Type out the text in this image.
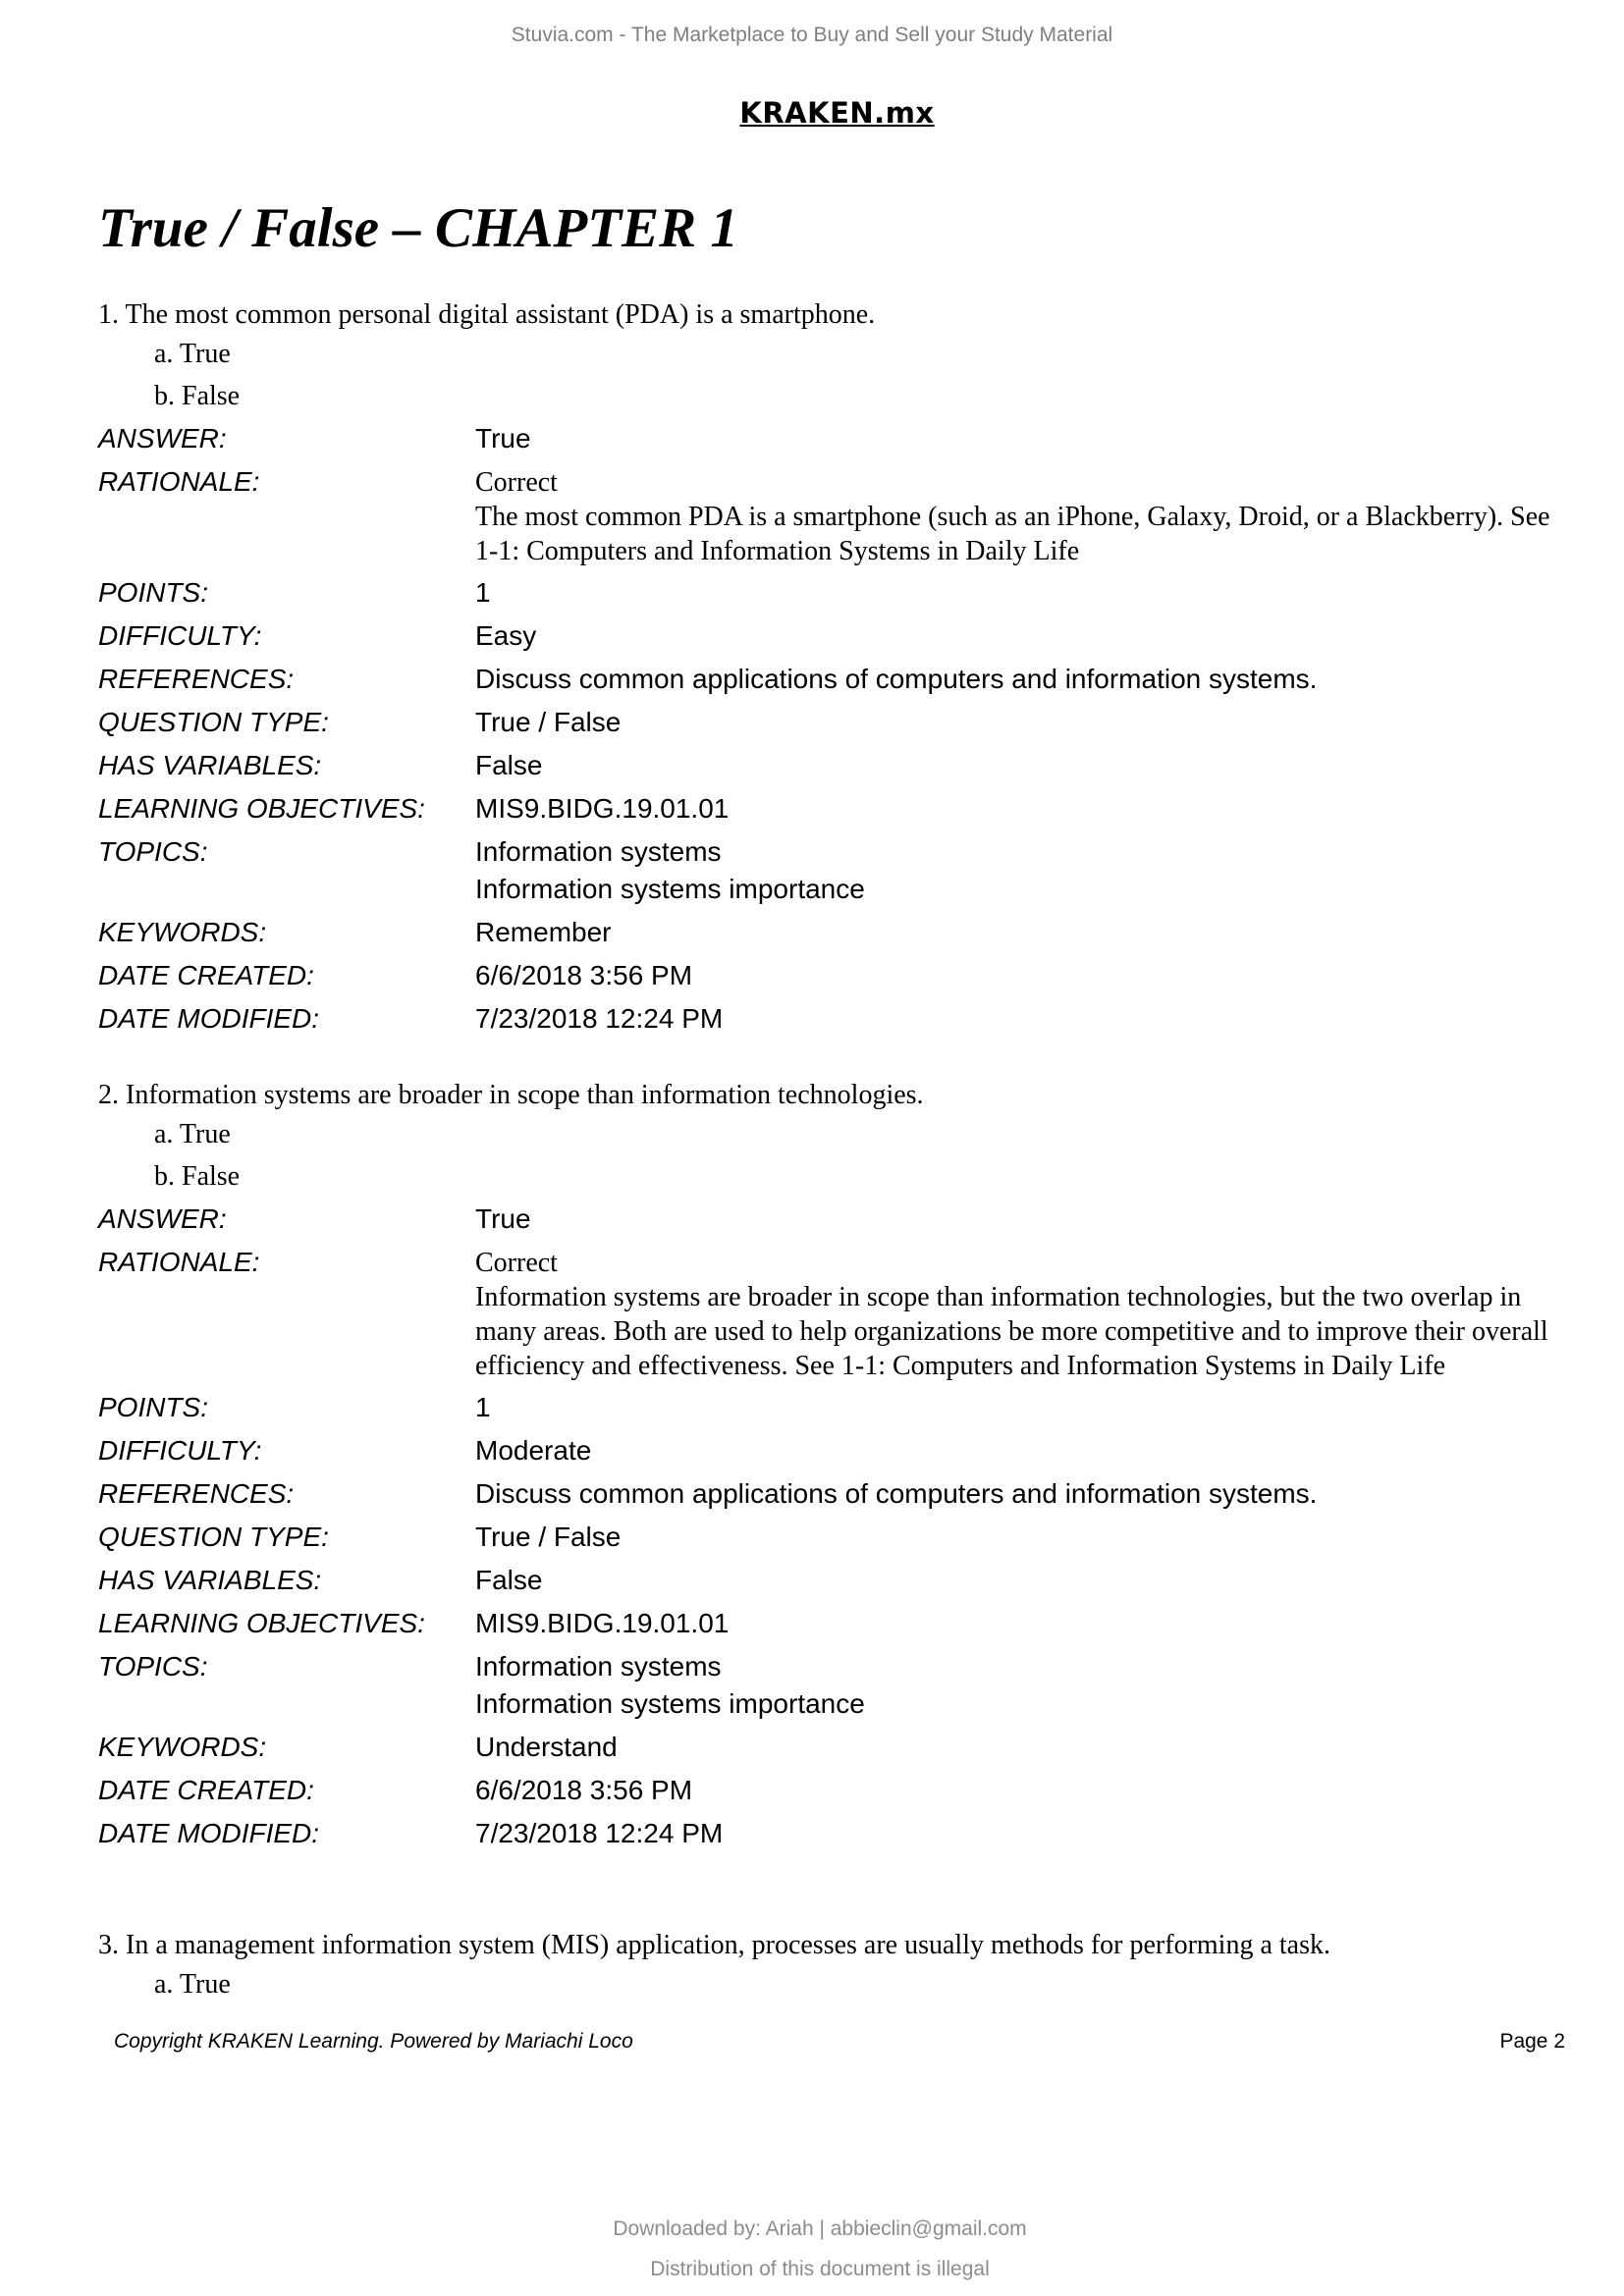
Stuvia.com - The Marketplace to Buy and Sell your Study Material
KRAKEN.mx
True / False – CHAPTER 1
1. The most common personal digital assistant (PDA) is a smartphone.
a. True
b. False
ANSWER:	True
RATIONALE:	Correct
The most common PDA is a smartphone (such as an iPhone, Galaxy, Droid, or a Blackberry). See 1-1: Computers and Information Systems in Daily Life
POINTS:	1
DIFFICULTY:	Easy
REFERENCES:	Discuss common applications of computers and information systems.
QUESTION TYPE:	True / False
HAS VARIABLES:	False
LEARNING OBJECTIVES:	MIS9.BIDG.19.01.01
TOPICS:	Information systems
Information systems importance
KEYWORDS:	Remember
DATE CREATED:	6/6/2018 3:56 PM
DATE MODIFIED:	7/23/2018 12:24 PM
2. Information systems are broader in scope than information technologies.
a. True
b. False
ANSWER:	True
RATIONALE:	Correct
Information systems are broader in scope than information technologies, but the two overlap in many areas. Both are used to help organizations be more competitive and to improve their overall efficiency and effectiveness. See 1-1: Computers and Information Systems in Daily Life
POINTS:	1
DIFFICULTY:	Moderate
REFERENCES:	Discuss common applications of computers and information systems.
QUESTION TYPE:	True / False
HAS VARIABLES:	False
LEARNING OBJECTIVES:	MIS9.BIDG.19.01.01
TOPICS:	Information systems
Information systems importance
KEYWORDS:	Understand
DATE CREATED:	6/6/2018 3:56 PM
DATE MODIFIED:	7/23/2018 12:24 PM
3. In a management information system (MIS) application, processes are usually methods for performing a task.
a. True
Copyright KRAKEN Learning. Powered by Mariachi Loco	Page 2
Downloaded by: Ariah | abbieclin@gmail.com
Distribution of this document is illegal
